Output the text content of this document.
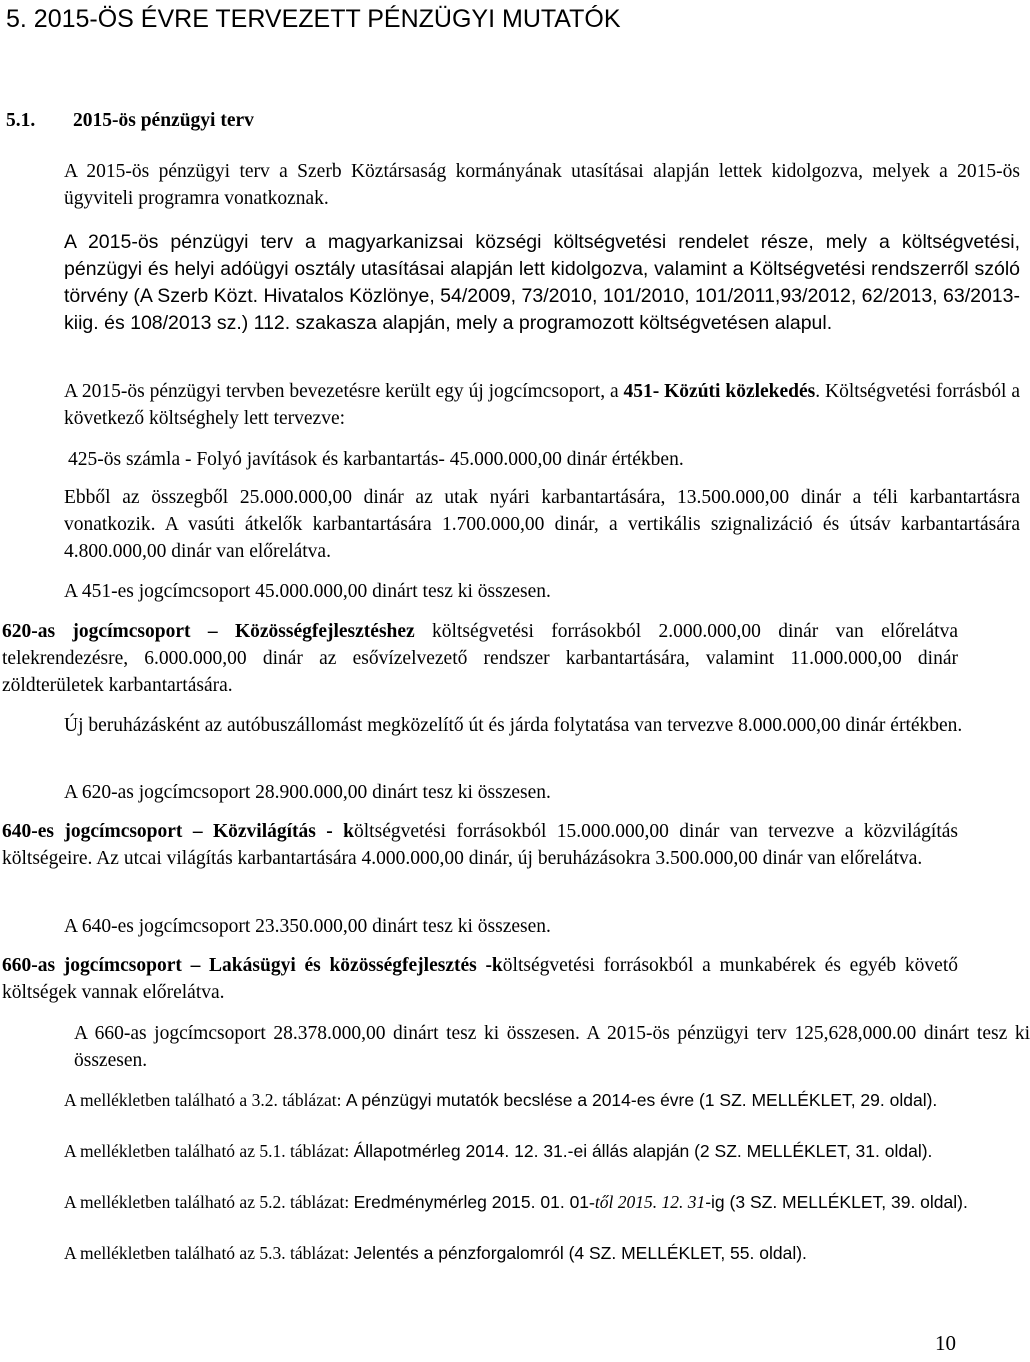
5. 2015-ÖS ÉVRE TERVEZETT PÉNZÜGYI MUTATÓK
5.1. 2015-ös pénzügyi terv

A 2015-ös pénzügyi terv a Szerb Köztársaság kormányának utasításai alapján lettek kidolgozva, melyek a 2015-ös ügyviteli programra vonatkoznak.

A 2015-ös pénzügyi terv a magyarkanizsai községi költségvetési rendelet része, mely a költségvetési, pénzügyi és helyi adóügyi osztály utasításai alapján lett kidolgozva, valamint a Költségvetési rendszerről szóló törvény (A Szerb Közt. Hivatalos Közlönye, 54/2009, 73/2010, 101/2010, 101/2011,93/2012, 62/2013, 63/2013-kiig. és 108/2013 sz.) 112. szakasza alapján, mely a programozott költségvetésen alapul.

A 2015-ös pénzügyi tervben bevezetésre került egy új jogcímcsoport, a 451- Közúti közlekedés. Költségvetési forrásból a következő költséghely lett tervezve:

425-ös számla - Folyó javítások és karbantartás- 45.000.000,00 dinár értékben.

Ebből az összegből 25.000.000,00 dinár az utak nyári karbantartására, 13.500.000,00 dinár a téli karbantartásra vonatkozik. A vasúti átkelők karbantartására 1.700.000,00 dinár, a vertikális szignalizáció és útsáv karbantartására 4.800.000,00 dinár van előrelátva.

A 451-es jogcímcsoport 45.000.000,00 dinárt tesz ki összesen.

620-as jogcímcsoport – Közösségfejlesztéshez költségvetési forrásokból 2.000.000,00 dinár van előrelátva telekrendezésre, 6.000.000,00 dinár az esővízelvezető rendszer karbantartására, valamint 11.000.000,00 dinár zöldterületek karbantartására.

Új beruházásként az autóbuszállomást megközelítő út és járda folytatása van tervezve 8.000.000,00 dinár értékben.

A 620-as jogcímcsoport 28.900.000,00 dinárt tesz ki összesen.

640-es jogcímcsoport – Közvilágítás - költségvetési forrásokból 15.000.000,00 dinár van tervezve a közvilágítás költségeire. Az utcai világítás karbantartására 4.000.000,00 dinár, új beruházásokra 3.500.000,00 dinár van előrelátva.

A 640-es jogcímcsoport 23.350.000,00 dinárt tesz ki összesen.

660-as jogcímcsoport – Lakásügyi és közösségfejlesztés -költségvetési forrásokból a munkabérek és egyéb követő költségek vannak előrelátva.

A 660-as jogcímcsoport 28.378.000,00 dinárt tesz ki összesen. A 2015-ös pénzügyi terv 125,628,000.00 dinárt tesz ki összesen.

A mellékletben található a 3.2. táblázat: A pénzügyi mutatók becslése a 2014-es évre (1 SZ. MELLÉKLET, 29. oldal).

A mellékletben található az 5.1. táblázat: Állapotmérleg 2014. 12. 31.-ei állás alapján (2 SZ. MELLÉKLET, 31. oldal).

A mellékletben található az 5.2. táblázat: Eredménymérleg 2015. 01. 01-től 2015. 12. 31-ig (3 SZ. MELLÉKLET, 39. oldal).

A mellékletben található az 5.3. táblázat: Jelentés a pénzforgalomról (4 SZ. MELLÉKLET, 55. oldal).

10
